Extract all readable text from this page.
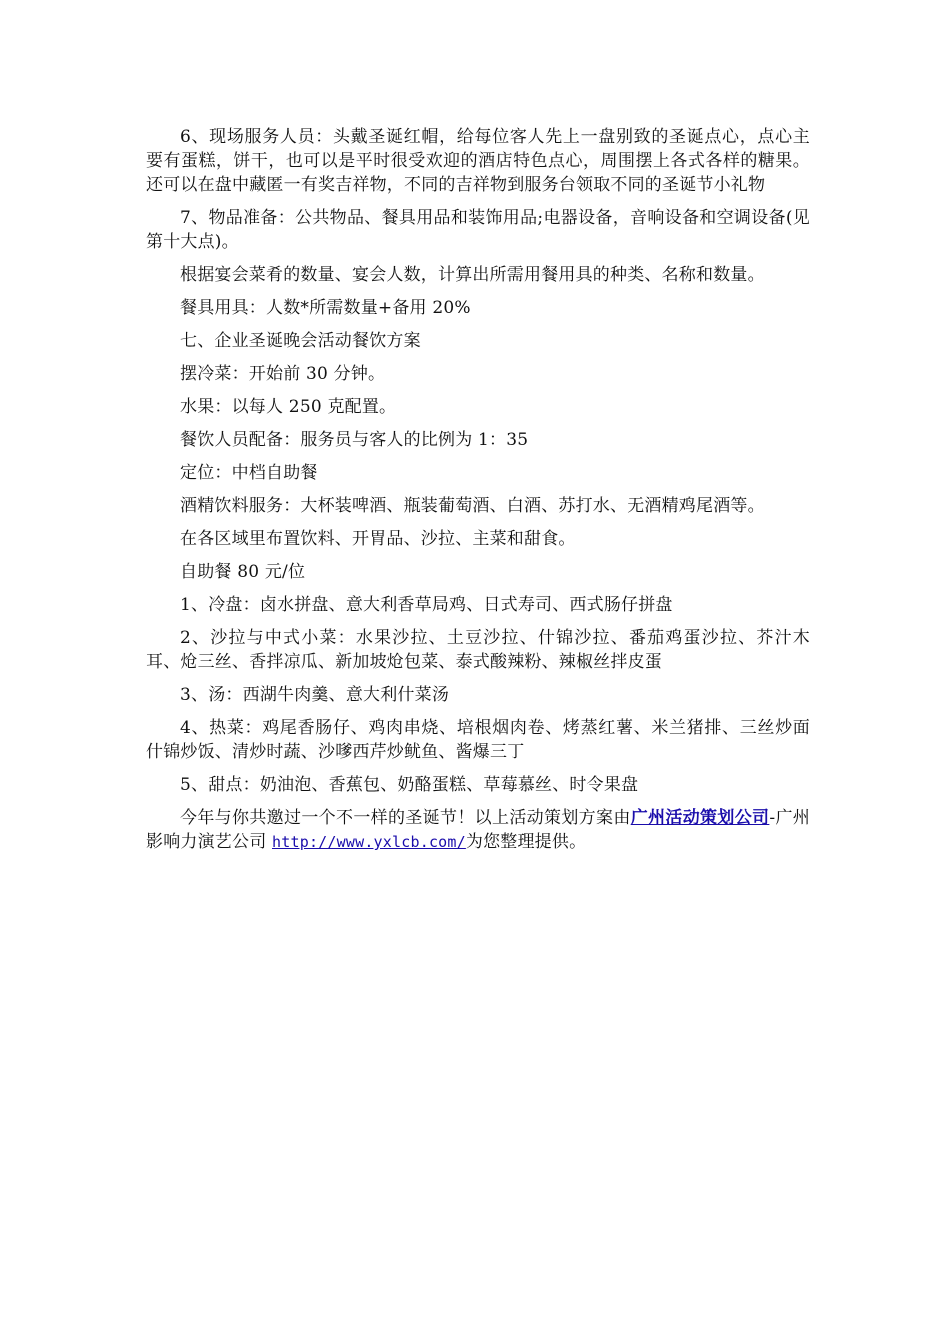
6、现场服务人员：头戴圣诞红帽，给每位客人先上一盘别致的圣诞点心，点心主要有蛋糕，饼干，也可以是平时很受欢迎的酒店特色点心，周围摆上各式各样的糖果。还可以在盘中藏匿一有奖吉祥物，不同的吉祥物到服务台领取不同的圣诞节小礼物

7、物品准备：公共物品、餐具用品和装饰用品;电器设备，音响设备和空调设备(见第十大点)。

根据宴会菜肴的数量、宴会人数，计算出所需用餐用具的种类、名称和数量。

餐具用具：人数*所需数量+备用 20%

七、企业圣诞晚会活动餐饮方案

摆冷菜：开始前 30 分钟。

水果：以每人 250 克配置。

餐饮人员配备：服务员与客人的比例为 1：35

定位：中档自助餐

酒精饮料服务：大杯装啤酒、瓶装葡萄酒、白酒、苏打水、无酒精鸡尾酒等。

在各区域里布置饮料、开胃品、沙拉、主菜和甜食。

自助餐 80 元/位

1、冷盘：卤水拼盘、意大利香草局鸡、日式寿司、西式肠仔拼盘

2、沙拉与中式小菜：水果沙拉、土豆沙拉、什锦沙拉、番茄鸡蛋沙拉、芥汁木耳、炝三丝、香拌凉瓜、新加坡炝包菜、泰式酸辣粉、辣椒丝拌皮蛋

3、汤：西湖牛肉羹、意大利什菜汤

4、热菜：鸡尾香肠仔、鸡肉串烧、培根烟肉卷、烤蒸红薯、米兰猪排、三丝炒面什锦炒饭、清炒时蔬、沙嗲西芹炒鱿鱼、酱爆三丁

5、甜点：奶油泡、香蕉包、奶酪蛋糕、草莓慕丝、时令果盘

今年与你共邀过一个不一样的圣诞节！以上活动策划方案由广州活动策划公司-广州影响力演艺公司 http://www.yxlcb.com/为您整理提供。
